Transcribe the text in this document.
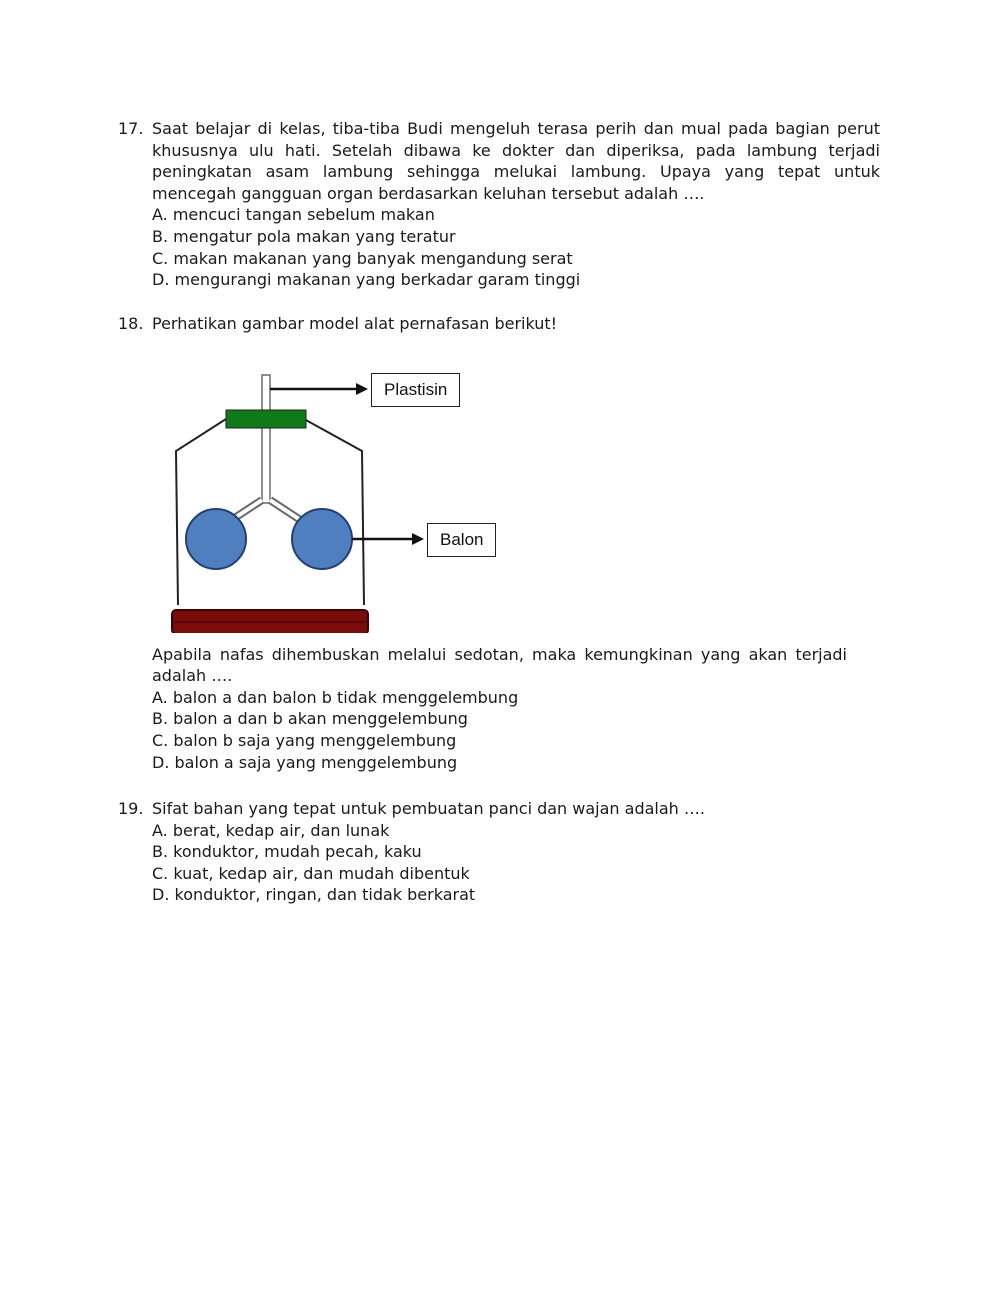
17. Saat belajar di kelas, tiba-tiba Budi mengeluh terasa perih dan mual pada bagian perut khususnya ulu hati. Setelah dibawa ke dokter dan diperiksa, pada lambung terjadi peningkatan asam lambung sehingga melukai lambung. Upaya yang tepat untuk mencegah gangguan organ berdasarkan keluhan tersebut adalah ….
A. mencuci tangan sebelum makan
B. mengatur pola makan yang teratur
C. makan makanan yang banyak mengandung serat
D. mengurangi makanan yang berkadar garam tinggi
18. Perhatikan gambar model alat pernafasan berikut!
Plastisin
Balon
Apabila nafas dihembuskan melalui sedotan, maka kemungkinan yang akan terjadi adalah ….
A. balon a dan balon b tidak menggelembung
B. balon a dan b akan menggelembung
C. balon b saja yang menggelembung
D. balon a saja yang menggelembung
19. Sifat bahan yang tepat untuk pembuatan panci dan wajan adalah ….
A. berat, kedap air, dan lunak
B. konduktor, mudah pecah, kaku
C. kuat, kedap air, dan mudah dibentuk
D. konduktor, ringan, dan tidak berkarat
